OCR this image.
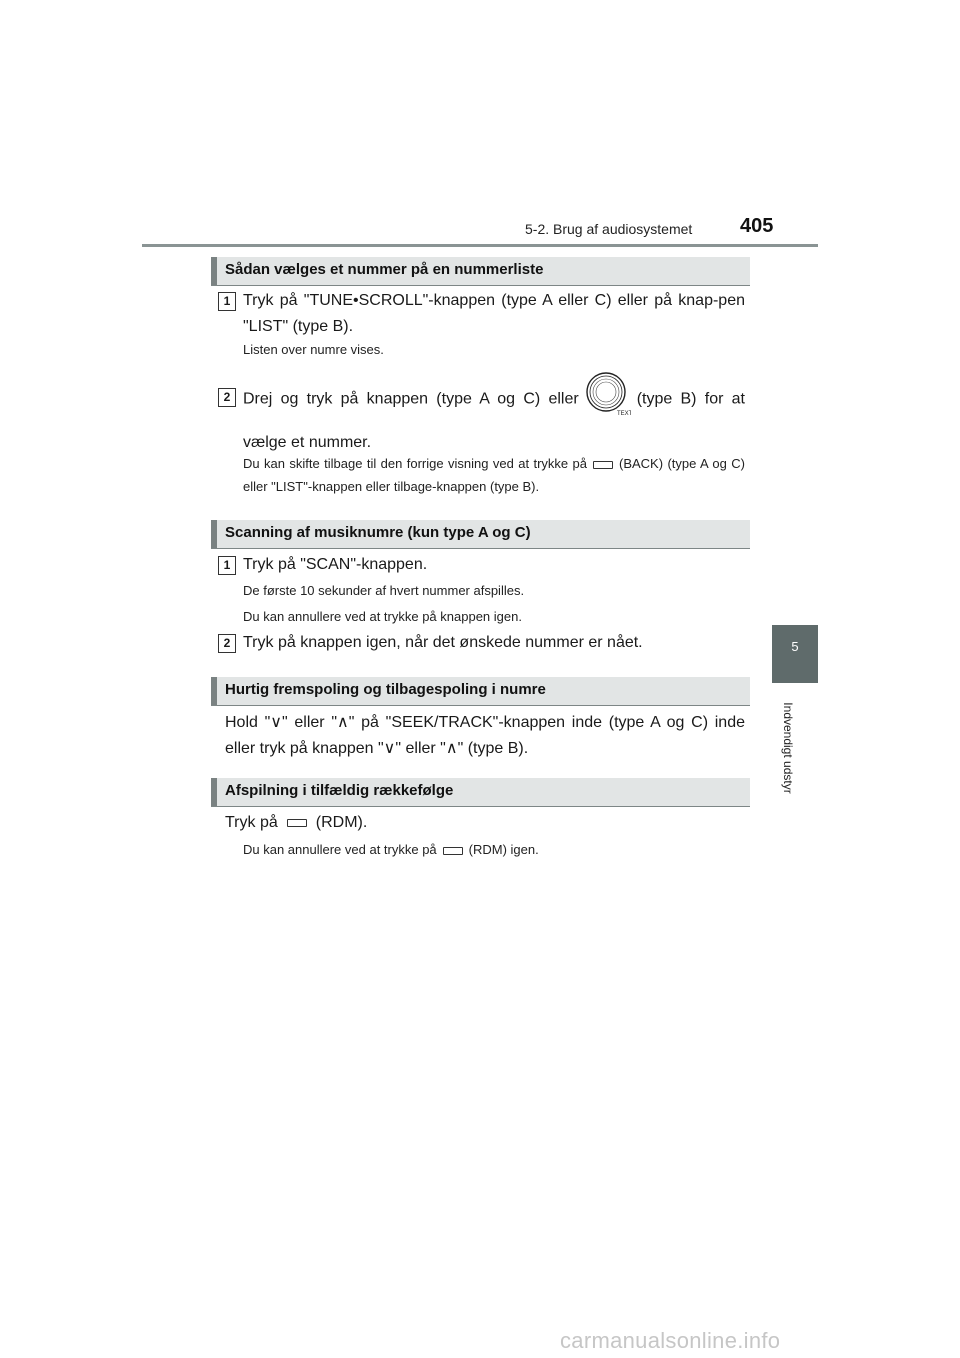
5-2. Brug af audiosystemet 405
5
Indvendigt udstyr
Sådan vælges et nummer på en nummerliste
1 Tryk på "TUNE•SCROLL"-knappen (type A eller C) eller på knap-pen "LIST" (type B).
Listen over numre vises.
2 Drej og tryk på knappen (type A og C) eller
TEXT
(type B) for at vælge et nummer.
Du kan skifte tilbage til den forrige visning ved at trykke på (BACK) (type A og C) eller "LIST"-knappen eller tilbage-knappen (type B).
Scanning af musiknumre (kun type A og C)
1 Tryk på "SCAN"-knappen.
De første 10 sekunder af hvert nummer afspilles.
Du kan annullere ved at trykke på knappen igen.
2 Tryk på knappen igen, når det ønskede nummer er nået.
Hurtig fremspoling og tilbagespoling i numre
Hold "∨" eller "∧" på "SEEK/TRACK"-knappen inde (type A og C) inde eller tryk på knappen "∨" eller "∧" (type B).
Afspilning i tilfældig rækkefølge
Tryk på (RDM).
Du kan annullere ved at trykke på (RDM) igen.
carmanualsonline.info
